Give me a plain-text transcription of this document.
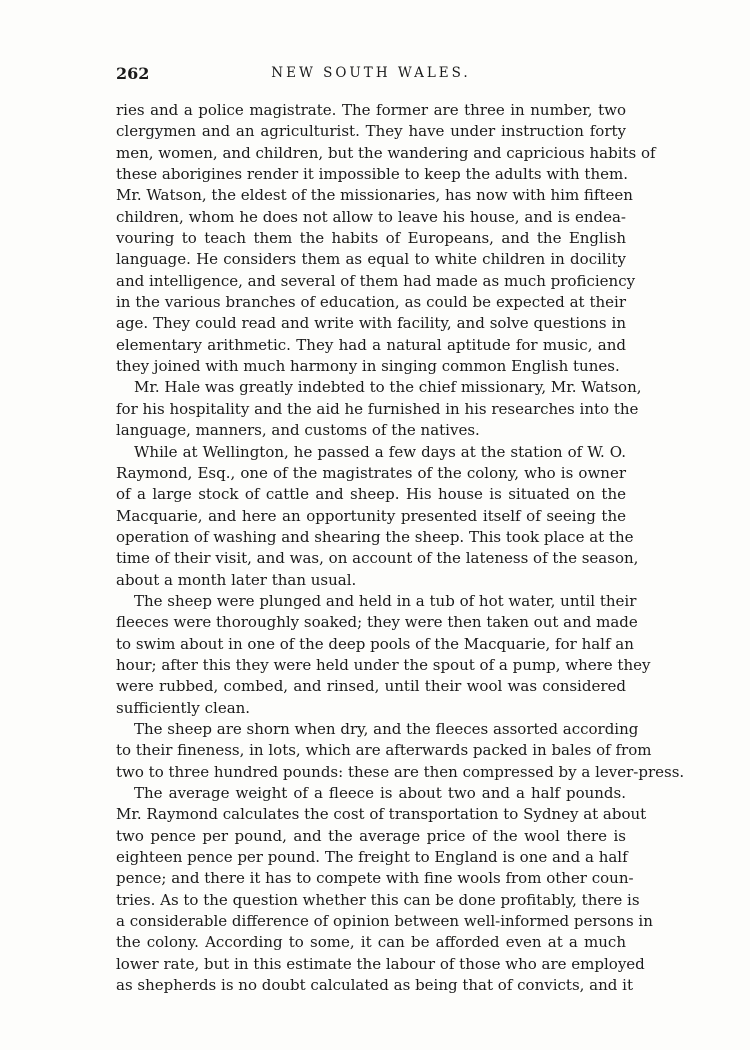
262	NEW SOUTH WALES.

ries and a police magistrate. The former are three in number, two
clergymen and an agriculturist. They have under instruction forty
men, women, and children, but the wandering and capricious habits of
these aborigines render it impossible to keep the adults with them.
Mr. Watson, the eldest of the missionaries, has now with him fifteen
children, whom he does not allow to leave his house, and is endea-
vouring to teach them the habits of Europeans, and the English
language. He considers them as equal to white children in docility
and intelligence, and several of them had made as much proficiency
in the various branches of education, as could be expected at their
age. They could read and write with facility, and solve questions in
elementary arithmetic. They had a natural aptitude for music, and
they joined with much harmony in singing common English tunes.

Mr. Hale was greatly indebted to the chief missionary, Mr. Watson,
for his hospitality and the aid he furnished in his researches into the
language, manners, and customs of the natives.

While at Wellington, he passed a few days at the station of W. O.
Raymond, Esq., one of the magistrates of the colony, who is owner
of a large stock of cattle and sheep. His house is situated on the
Macquarie, and here an opportunity presented itself of seeing the
operation of washing and shearing the sheep. This took place at the
time of their visit, and was, on account of the lateness of the season,
about a month later than usual.

The sheep were plunged and held in a tub of hot water, until their
fleeces were thoroughly soaked; they were then taken out and made
to swim about in one of the deep pools of the Macquarie, for half an
hour; after this they were held under the spout of a pump, where they
were rubbed, combed, and rinsed, until their wool was considered
sufficiently clean.

The sheep are shorn when dry, and the fleeces assorted according
to their fineness, in lots, which are afterwards packed in bales of from
two to three hundred pounds: these are then compressed by a lever-press.

The average weight of a fleece is about two and a half pounds.
Mr. Raymond calculates the cost of transportation to Sydney at about
two pence per pound, and the average price of the wool there is
eighteen pence per pound. The freight to England is one and a half
pence; and there it has to compete with fine wools from other coun-
tries. As to the question whether this can be done profitably, there is
a considerable difference of opinion between well-informed persons in
the colony. According to some, it can be afforded even at a much
lower rate, but in this estimate the labour of those who are employed
as shepherds is no doubt calculated as being that of convicts, and it
